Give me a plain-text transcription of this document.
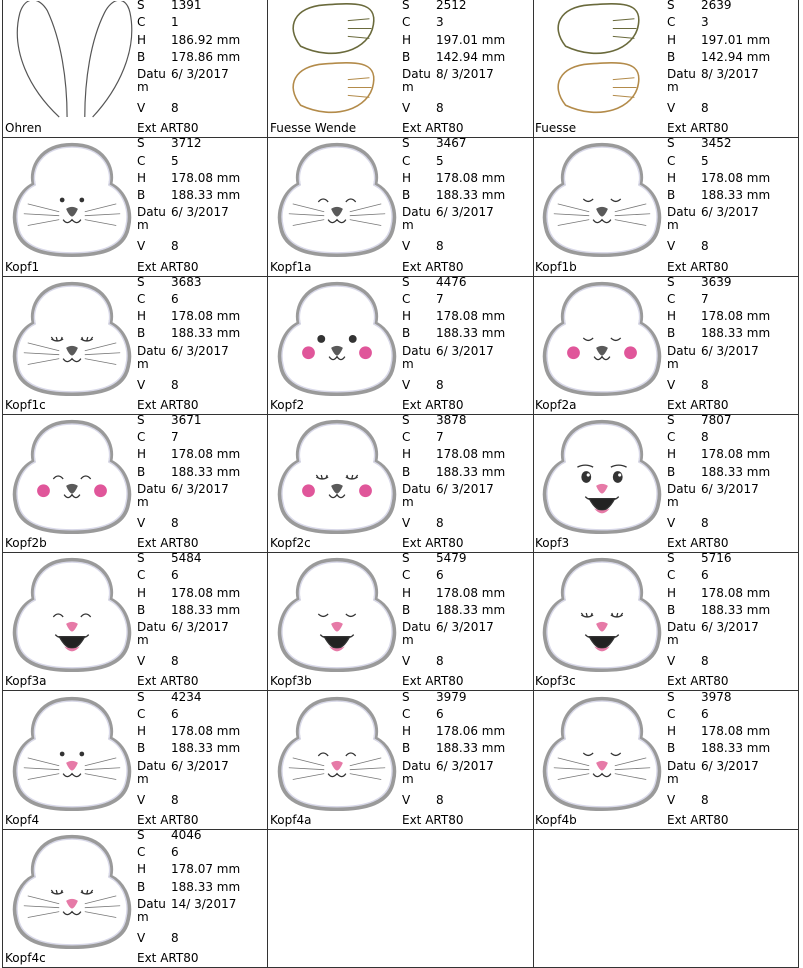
S 1391
C 1
H 186.92 mm
B 178.86 mm
Datu
m
6/ 3/2017
V 8
Ohren	Ext ART80
S 2512
C 3
H 197.01 mm
B 142.94 mm
Datu
m
8/ 3/2017
V 8
Fuesse Wende	Ext ART80
S 2639
C 3
H 197.01 mm
B 142.94 mm
Datu
m
8/ 3/2017
V 8
Fuesse	Ext ART80
S 3712
C 5
H 178.08 mm
B 188.33 mm
Datu
m
6/ 3/2017
V 8
Kopf1	Ext ART80
S 3467
C 5
H 178.08 mm
B 188.33 mm
Datu
m
6/ 3/2017
V 8
Kopf1a	Ext ART80
S 3452
C 5
H 178.08 mm
B 188.33 mm
Datu
m
6/ 3/2017
V 8
Kopf1b	Ext ART80
S 3683
C 6
H 178.08 mm
B 188.33 mm
Datu
m
6/ 3/2017
V 8
Kopf1c	Ext ART80
S 4476
C 7
H 178.08 mm
B 188.33 mm
Datu
m
6/ 3/2017
V 8
Kopf2	Ext ART80
S 3639
C 7
H 178.08 mm
B 188.33 mm
Datu
m
6/ 3/2017
V 8
Kopf2a	Ext ART80
S 3671
C 7
H 178.08 mm
B 188.33 mm
Datu
m
6/ 3/2017
V 8
Kopf2b	Ext ART80
S 3878
C 7
H 178.08 mm
B 188.33 mm
Datu
m
6/ 3/2017
V 8
Kopf2c	Ext ART80
S 7807
C 8
H 178.08 mm
B 188.33 mm
Datu
m
6/ 3/2017
V 8
Kopf3	Ext ART80
S 5484
C 6
H 178.08 mm
B 188.33 mm
Datu
m
6/ 3/2017
V 8
Kopf3a	Ext ART80
S 5479
C 6
H 178.08 mm
B 188.33 mm
Datu
m
6/ 3/2017
V 8
Kopf3b	Ext ART80
S 5716
C 6
H 178.08 mm
B 188.33 mm
Datu
m
6/ 3/2017
V 8
Kopf3c	Ext ART80
S 4234
C 6
H 178.08 mm
B 188.33 mm
Datu
m
6/ 3/2017
V 8
Kopf4	Ext ART80
S 3979
C 6
H 178.06 mm
B 188.33 mm
Datu
m
6/ 3/2017
V 8
Kopf4a	Ext ART80
S 3978
C 6
H 178.08 mm
B 188.33 mm
Datu
m
6/ 3/2017
V 8
Kopf4b	Ext ART80
S 4046
C 6
H 178.07 mm
B 188.33 mm
Datu
m
14/ 3/2017
V 8
Kopf4c	Ext ART80
